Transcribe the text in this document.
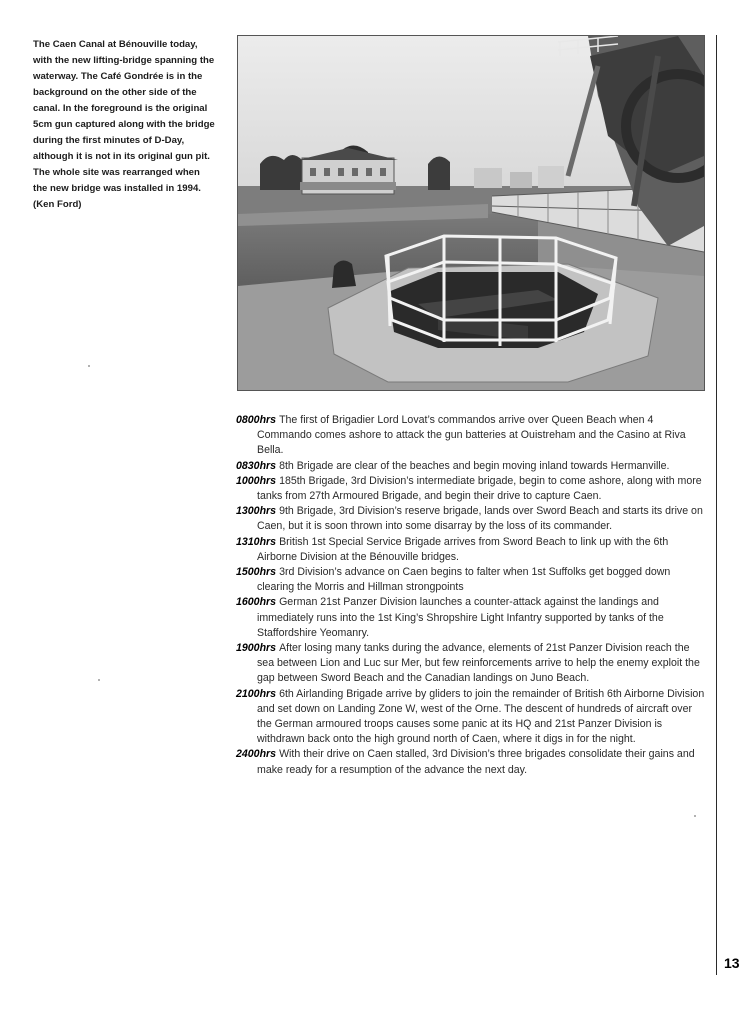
The Caen Canal at Bénouville today, with the new lifting-bridge spanning the waterway. The Café Gondrée is in the background on the other side of the canal. In the foreground is the original 5cm gun captured along with the bridge during the first minutes of D-Day, although it is not in its original gun pit. The whole site was rearranged when the new bridge was installed in 1994. (Ken Ford)

0800hrs The first of Brigadier Lord Lovat’s commandos arrive over Queen Beach when 4 Commando comes ashore to attack the gun batteries at Ouistreham and the Casino at Riva Bella.
0830hrs 8th Brigade are clear of the beaches and begin moving inland towards Hermanville.
1000hrs 185th Brigade, 3rd Division’s intermediate brigade, begin to come ashore, along with more tanks from 27th Armoured Brigade, and begin their drive to capture Caen.
1300hrs 9th Brigade, 3rd Division’s reserve brigade, lands over Sword Beach and starts its drive on Caen, but it is soon thrown into some disarray by the loss of its commander.
1310hrs British 1st Special Service Brigade arrives from Sword Beach to link up with the 6th Airborne Division at the Bénouville bridges.
1500hrs 3rd Division’s advance on Caen begins to falter when 1st Suffolks get bogged down clearing the Morris and Hillman strongpoints
1600hrs German 21st Panzer Division launches a counter-attack against the landings and immediately runs into the 1st King’s Shropshire Light Infantry supported by tanks of the Staffordshire Yeomanry.
1900hrs After losing many tanks during the advance, elements of 21st Panzer Division reach the sea between Lion and Luc sur Mer, but few reinforcements arrive to help the enemy exploit the gap between Sword Beach and the Canadian landings on Juno Beach.
2100hrs 6th Airlanding Brigade arrive by gliders to join the remainder of British 6th Airborne Division and set down on Landing Zone W, west of the Orne. The descent of hundreds of aircraft over the German armoured troops causes some panic at its HQ and 21st Panzer Division is withdrawn back onto the high ground north of Caen, where it digs in for the night.
2400hrs With their drive on Caen stalled, 3rd Division’s three brigades consolidate their gains and make ready for a resumption of the advance the next day.
13
